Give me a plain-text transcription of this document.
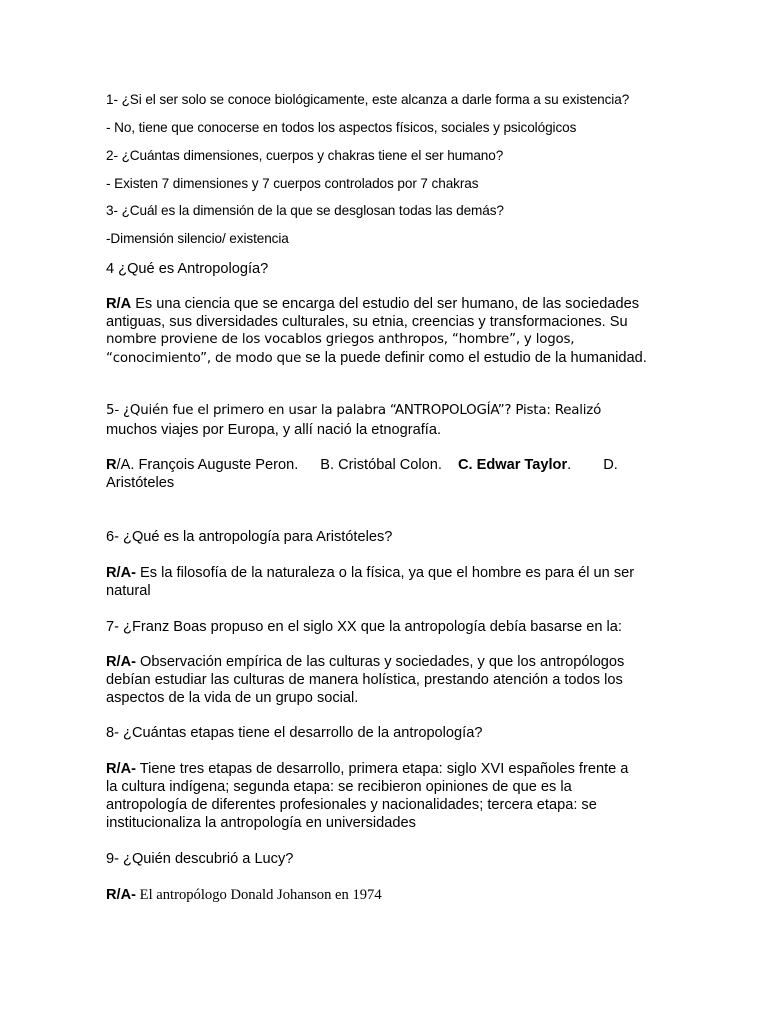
1- ¿Si el ser solo se conoce biológicamente, este alcanza a darle forma a su existencia?
- No, tiene que conocerse en todos los aspectos físicos, sociales y psicológicos
2- ¿Cuántas dimensiones, cuerpos y chakras tiene el ser humano?
- Existen 7 dimensiones y 7 cuerpos controlados por 7 chakras
3- ¿Cuál es la dimensión de la que se desglosan todas las demás?
-Dimensión silencio/ existencia
4 ¿Qué es Antropología?
R/A Es una ciencia que se encarga del estudio del ser humano, de las sociedades
antiguas, sus diversidades culturales, su etnia, creencias y transformaciones. Su
nombre proviene de los vocablos griegos anthropos, “hombre”, y logos,
“conocimiento”, de modo que se la puede definir como el estudio de la humanidad.
5- ¿Quién fue el primero en usar la palabra “ANTROPOLOGÍA”? Pista: Realizó
muchos viajes por Europa, y allí nació la etnografía.
R/A. François Auguste Peron. B. Cristóbal Colon. C. Edwar Taylor. D.
Aristóteles
6- ¿Qué es la antropología para Aristóteles?
R/A- Es la filosofía de la naturaleza o la física, ya que el hombre es para él un ser
natural
7- ¿Franz Boas propuso en el siglo XX que la antropología debía basarse en la:
R/A- Observación empírica de las culturas y sociedades, y que los antropólogos
debían estudiar las culturas de manera holística, prestando atención a todos los
aspectos de la vida de un grupo social.
8- ¿Cuántas etapas tiene el desarrollo de la antropología?
R/A- Tiene tres etapas de desarrollo, primera etapa: siglo XVI españoles frente a
la cultura indígena; segunda etapa: se recibieron opiniones de que es la
antropología de diferentes profesionales y nacionalidades; tercera etapa: se
institucionaliza la antropología en universidades
9- ¿Quién descubrió a Lucy?
R/A- El antropólogo Donald Johanson en 1974
